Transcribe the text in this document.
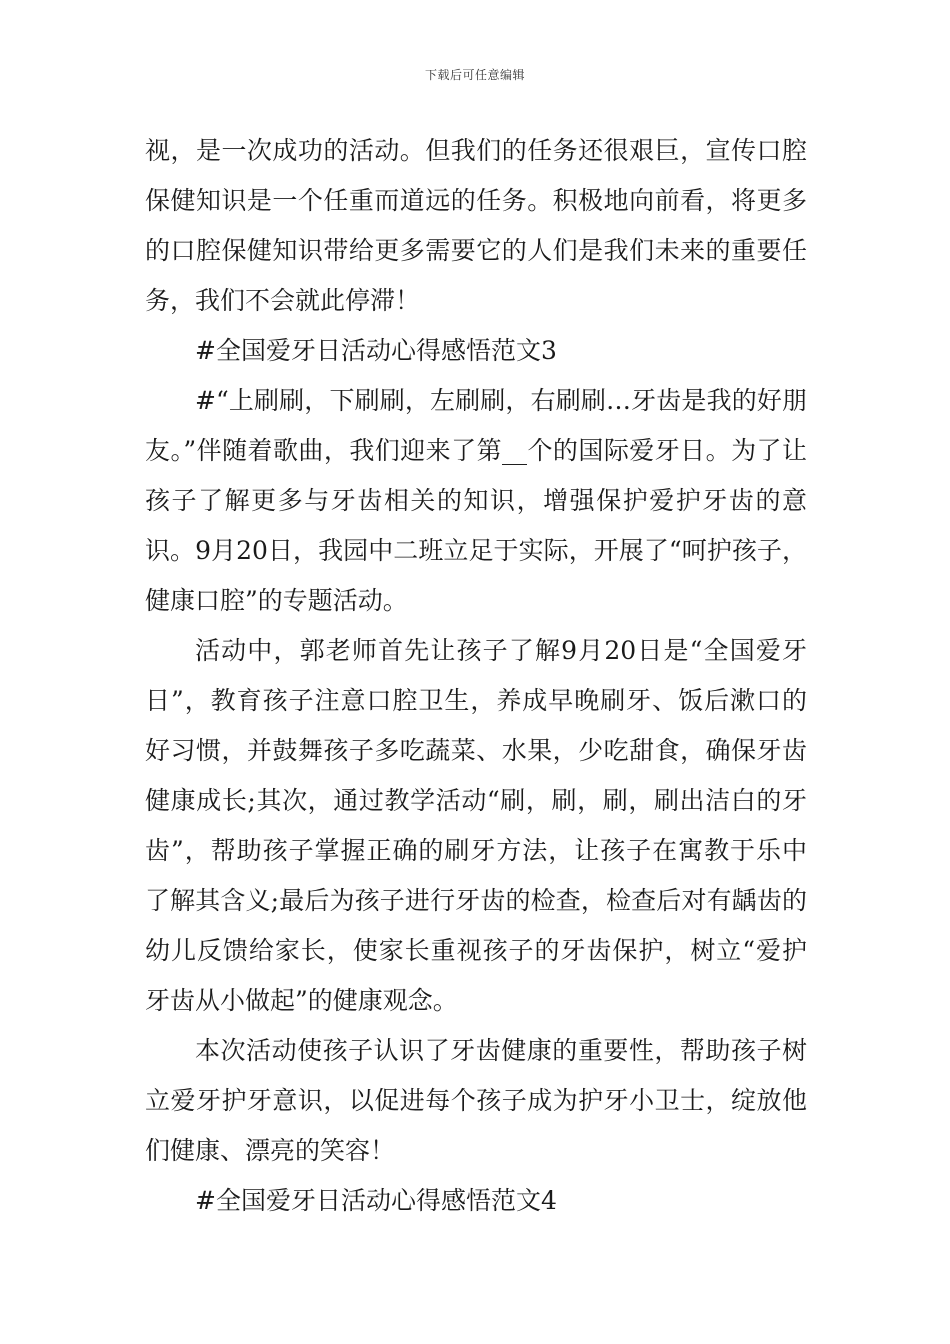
下载后可任意编辑

视，是一次成功的活动。但我们的任务还很艰巨，宣传口腔保健知识是一个任重而道远的任务。积极地向前看，将更多的口腔保健知识带给更多需要它的人们是我们未来的重要任务，我们不会就此停滞！

#全国爱牙日活动心得感悟范文3

#“上刷刷，下刷刷，左刷刷，右刷刷…牙齿是我的好朋友。”伴随着歌曲，我们迎来了第__个的国际爱牙日。为了让孩子了解更多与牙齿相关的知识，增强保护爱护牙齿的意识。9月20日，我园中二班立足于实际，开展了“呵护孩子，健康口腔”的专题活动。

活动中，郭老师首先让孩子了解9月20日是“全国爱牙日”，教育孩子注意口腔卫生，养成早晚刷牙、饭后漱口的好习惯，并鼓舞孩子多吃蔬菜、水果，少吃甜食，确保牙齿健康成长;其次，通过教学活动“刷，刷，刷，刷出洁白的牙齿”，帮助孩子掌握正确的刷牙方法，让孩子在寓教于乐中了解其含义;最后为孩子进行牙齿的检查，检查后对有龋齿的幼儿反馈给家长，使家长重视孩子的牙齿保护，树立“爱护牙齿从小做起”的健康观念。

本次活动使孩子认识了牙齿健康的重要性，帮助孩子树立爱牙护牙意识，以促进每个孩子成为护牙小卫士，绽放他们健康、漂亮的笑容！

#全国爱牙日活动心得感悟范文4
